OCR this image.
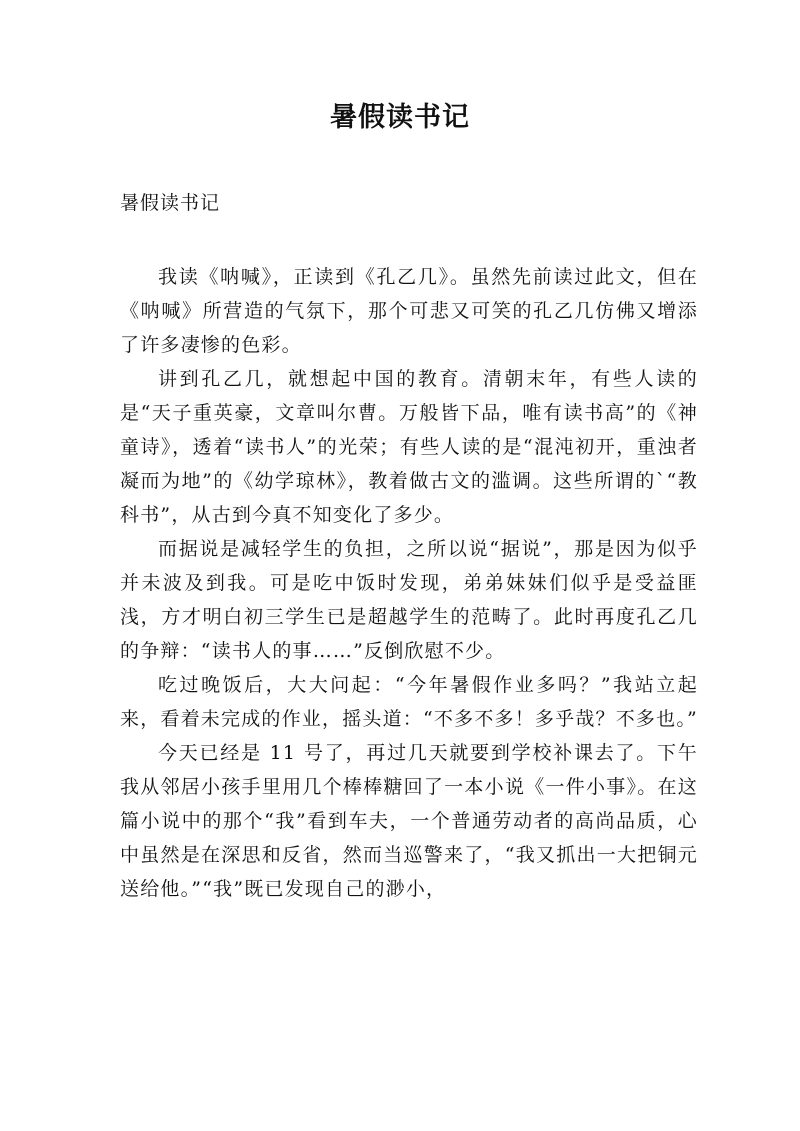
暑假读书记
暑假读书记

我读《呐喊》，正读到《孔乙几》。虽然先前读过此文，但在《呐喊》所营造的气氛下，那个可悲又可笑的孔乙几仿佛又增添了许多凄惨的色彩。

讲到孔乙几，就想起中国的教育。清朝末年，有些人读的是“天子重英豪，文章叫尔曹。万般皆下品，唯有读书高”的《神童诗》，透着“读书人”的光荣；有些人读的是“混沌初开，重浊者凝而为地”的《幼学琼林》，教着做古文的滥调。这些所谓的`“教科书”，从古到今真不知变化了多少。

而据说是减轻学生的负担，之所以说“据说”，那是因为似乎并未波及到我。可是吃中饭时发现，弟弟妹妹们似乎是受益匪浅，方才明白初三学生已是超越学生的范畴了。此时再度孔乙几的争辩：“读书人的事……”反倒欣慰不少。

吃过晚饭后，大大问起：“今年暑假作业多吗？”我站立起来，看着未完成的作业，摇头道：“不多不多！多乎哉？不多也。”

今天已经是 11 号了，再过几天就要到学校补课去了。下午我从邻居小孩手里用几个棒棒糖回了一本小说《一件小事》。在这篇小说中的那个“我”看到车夫，一个普通劳动者的高尚品质，心中虽然是在深思和反省，然而当巡警来了，“我又抓出一大把铜元送给他。”“我”既已发现自己的渺小，
